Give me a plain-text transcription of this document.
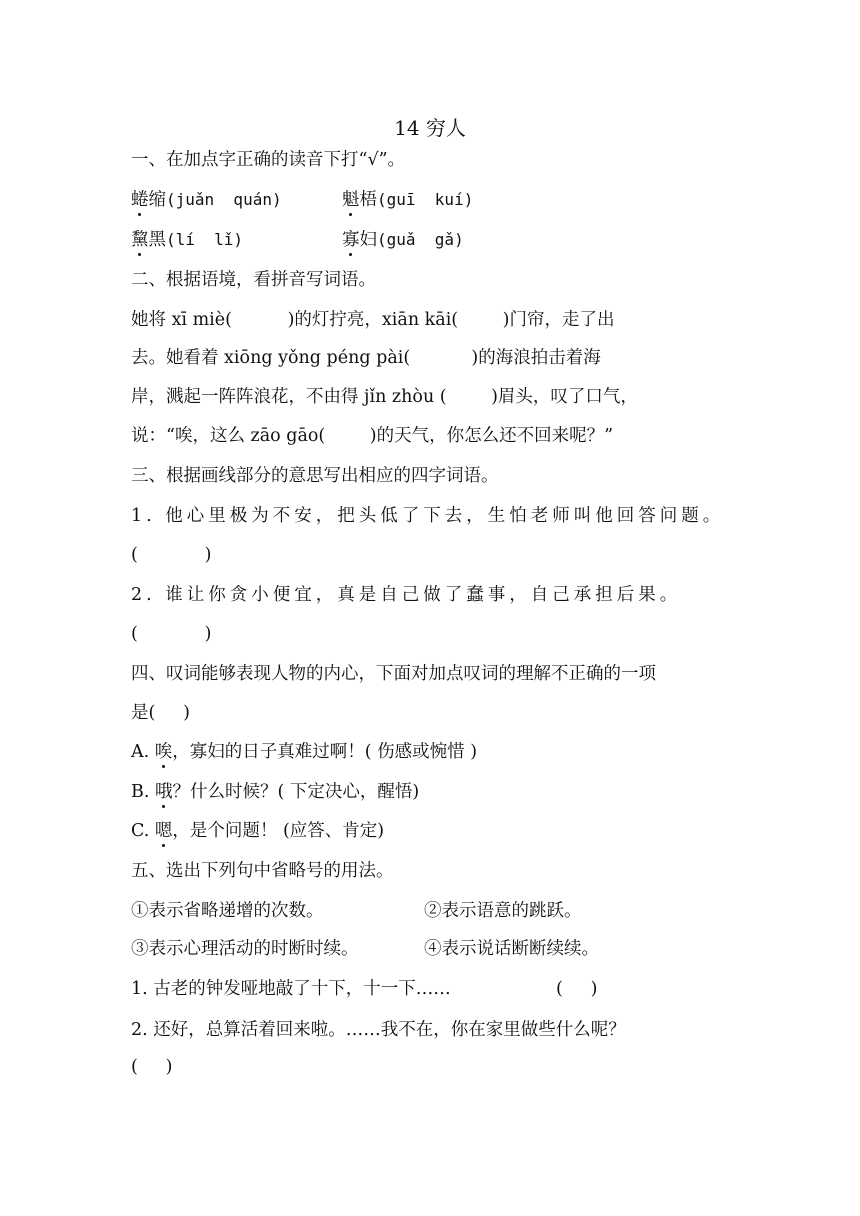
14 穷人
一、在加点字正确的读音下打“√”。
蜷缩(juǎn  quán)	魁梧(guī  kuí)
黧黑(lí  lǐ)	寡妇(guǎ  gǎ)
二、根据语境，看拼音写词语。
她将 xī miè(          )的灯拧亮，xiān kāi(        )门帘，走了出
去。她看着 xiōng yǒng péng pài(           )的海浪拍击着海
岸，溅起一阵阵浪花，不由得 jǐn zhòu (        )眉头，叹了口气，
说：“唉，这么 zāo gāo(        )的天气，你怎么还不回来呢？”
三、根据画线部分的意思写出相应的四字词语。
1. 他心里极为不安，把头低了下去，生怕老师叫他回答问题。
(            )
2. 谁让你贪小便宜，真是自己做了蠢事，自己承担后果。
(            )
四、叹词能够表现人物的内心，下面对加点叹词的理解不正确的一项
是(     )
A. 唉，寡妇的日子真难过啊！( 伤感或惋惜 )
B. 哦？什么时候？( 下定决心，醒悟)
C. 嗯，是个问题！ (应答、肯定)
五、选出下列句中省略号的用法。
①表示省略递增的次数。	②表示语意的跳跃。
③表示心理活动的时断时续。	④表示说话断断续续。
1. 古老的钟发哑地敲了十下，十一下……	(     )
2. 还好，总算活着回来啦。……我不在，你在家里做些什么呢？
(     )
